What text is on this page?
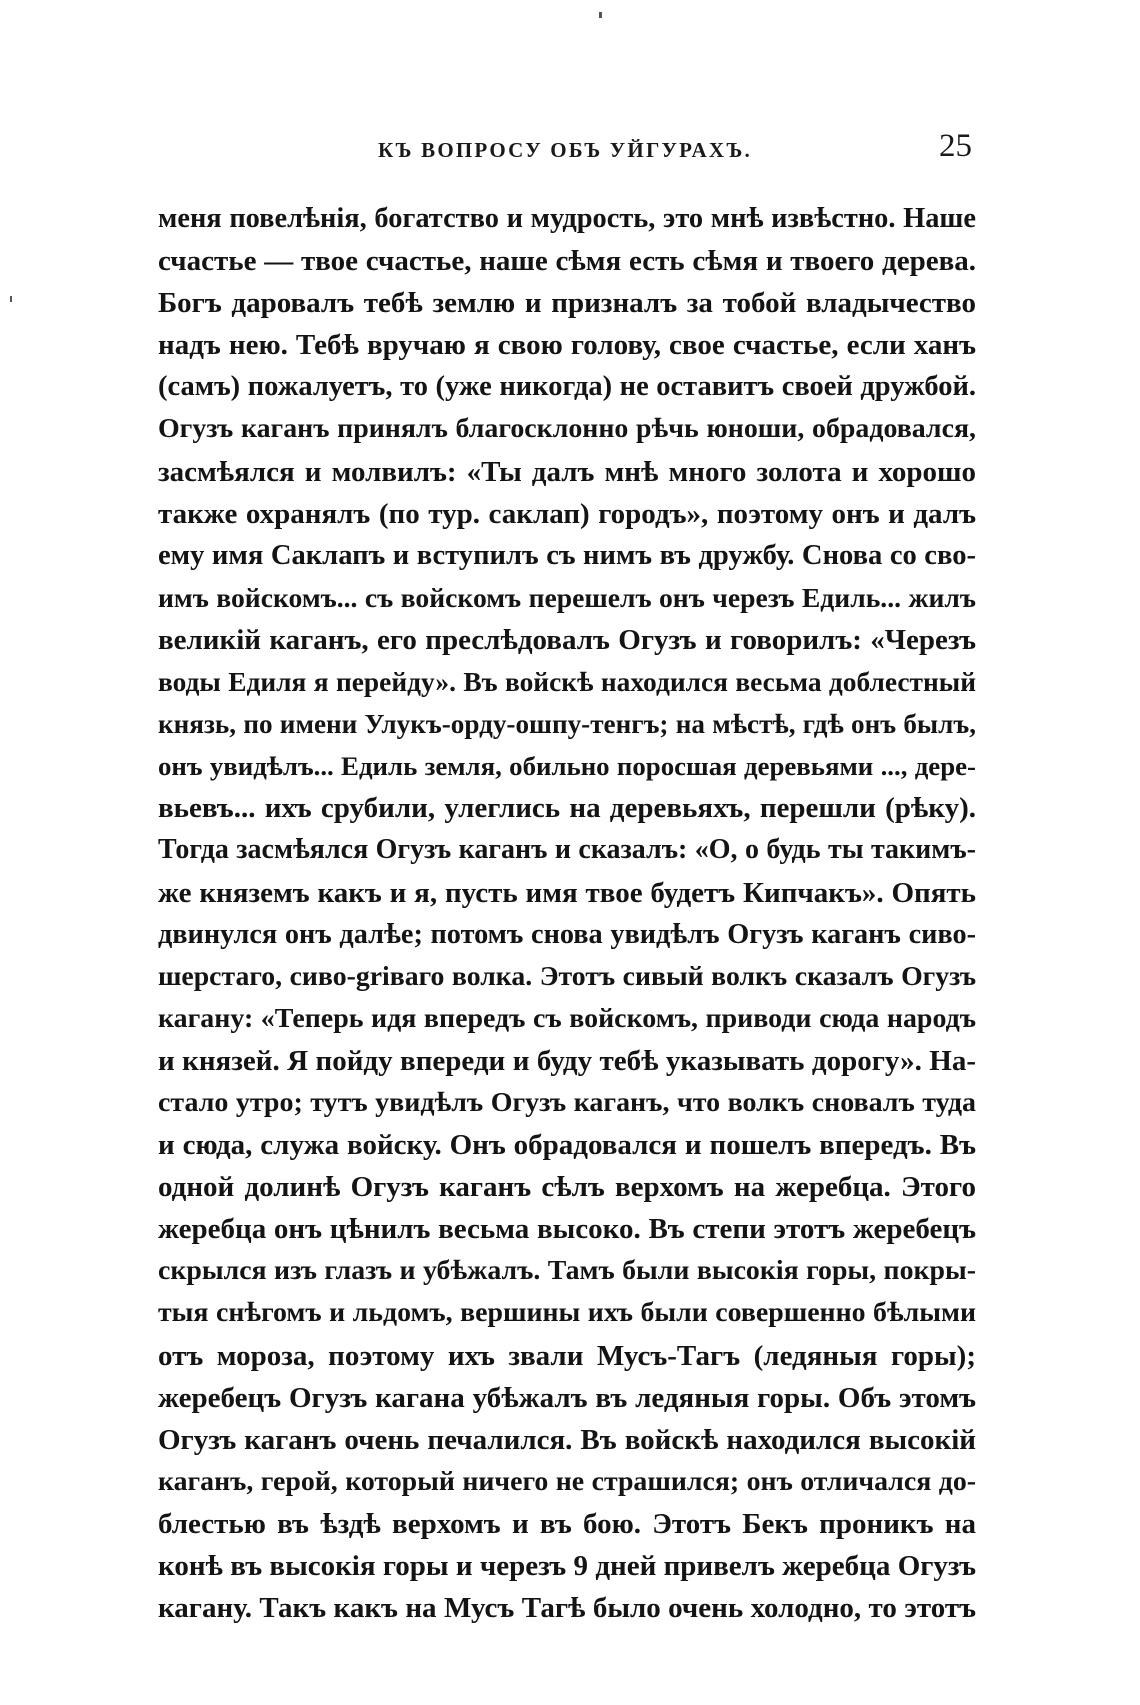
КЪ ВОПРОСУ ОБЪ УЙГУРАХЪ.	25
меня повелѣнія, богатство и мудрость, это мнѣ извѣстно. Наше
счастье — твое счастье, наше сѣмя есть сѣмя и твоего дерева.
Богъ даровалъ тебѣ землю и призналъ за тобой владычество
надъ нею. Тебѣ вручаю я свою голову, свое счастье, если ханъ
(самъ) пожалуетъ, то (уже никогда) не оставитъ своей дружбой.
Огузъ каганъ принялъ благосклонно рѣчь юноши, обрадовался,
засмѣялся и молвилъ: «Ты далъ мнѣ много золота и хорошо
также охранялъ (по тур. саклап) городъ», поэтому онъ и далъ
ему имя Саклапъ и вступилъ съ нимъ въ дружбу. Снова со сво-
имъ войскомъ... съ войскомъ перешелъ онъ черезъ Едиль... жилъ
великій каганъ, его преслѣдовалъ Огузъ и говорилъ: «Черезъ
воды Едиля я перейду». Въ войскѣ находился весьма доблестный
князь, по имени Улукъ-орду-ошпу-тенгъ; на мѣстѣ, гдѣ онъ былъ,
онъ увидѣлъ... Едиль земля, обильно поросшая деревьями ..., дере-
вьевъ... ихъ срубили, улеглись на деревьяхъ, перешли (рѣку).
Тогда засмѣялся Огузъ каганъ и сказалъ: «О, о будь ты такимъ-
же княземъ какъ и я, пусть имя твое будетъ Кипчакъ». Опять
двинулся онъ далѣе; потомъ снова увидѣлъ Огузъ каганъ сиво-
шерстаго, сиво-griваго волка. Этотъ сивый волкъ сказалъ Огузъ
кагану: «Теперь идя впередъ съ войскомъ, приводи сюда народъ
и князей. Я пойду впереди и буду тебѣ указывать дорогу». На-
стало утро; тутъ увидѣлъ Огузъ каганъ, что волкъ сновалъ туда
и сюда, служа войску. Онъ обрадовался и пошелъ впередъ. Въ
одной долинѣ Огузъ каганъ сѣлъ верхомъ на жеребца. Этого
жеребца онъ цѣнилъ весьма высоко. Въ степи этотъ жеребецъ
скрылся изъ глазъ и убѣжалъ. Тамъ были высокія горы, покры-
тыя снѣгомъ и льдомъ, вершины ихъ были совершенно бѣлыми
отъ мороза, поэтому ихъ звали Мусъ-Тагъ (ледяныя горы);
жеребецъ Огузъ кагана убѣжалъ въ ледяныя горы. Объ этомъ
Огузъ каганъ очень печалился. Въ войскѣ находился высокій
каганъ, герой, который ничего не страшился; онъ отличался до-
блестью въ ѣздѣ верхомъ и въ бою. Этотъ Бекъ проникъ на
конѣ въ высокія горы и черезъ 9 дней привелъ жеребца Огузъ
кагану. Такъ какъ на Мусъ Тагѣ было очень холодно, то этотъ
